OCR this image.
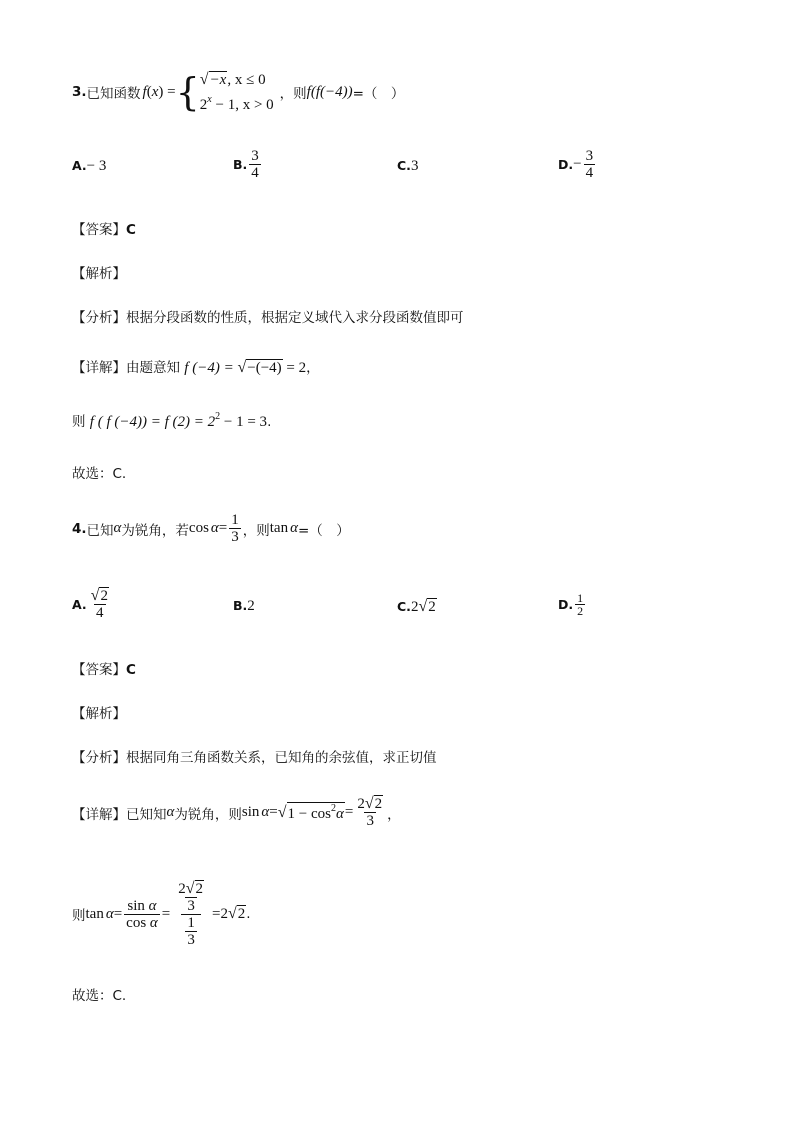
3. 已知函数 f(x) = { √−x, x ≤ 0
$2^x - 1$, x > 0
，则 f(f(−4)) =（　）
A.− 3	B. $\frac{3}{4}$	C.3	D. − $\frac{3}{4}$
【答案】C
【解析】
【分析】根据分段函数的性质，根据定义域代入求分段函数值即可
【详解】由题意知 f (−4) = √−(−4) = 2，
则 f ( f (−4)) = f $(2) = 2^2 - 1 = 3$.
故选：C.
4. 已知 α 为锐角，若 $\cos \alpha = \frac{1}{3}$ ，则 tan α =（　）
A. $\frac{√2}{4}$	B.2	C.2√2	D. $\frac{1}{2}$
【答案】C
【解析】
【分析】根据同角三角函数关系，已知角的余弦值，求正切值
【详解】 已知知 α 为锐角，则 sin α = √ $1 - \cos^2\alpha = \frac{2√2}{3}$ ，
则 $\tan \alpha = \frac{\text{sin α}}{\text{cos α}} = \frac{\frac{2√2}{3}}{\frac{1}{3}} = 2$ √ 2 .
故选：C.
